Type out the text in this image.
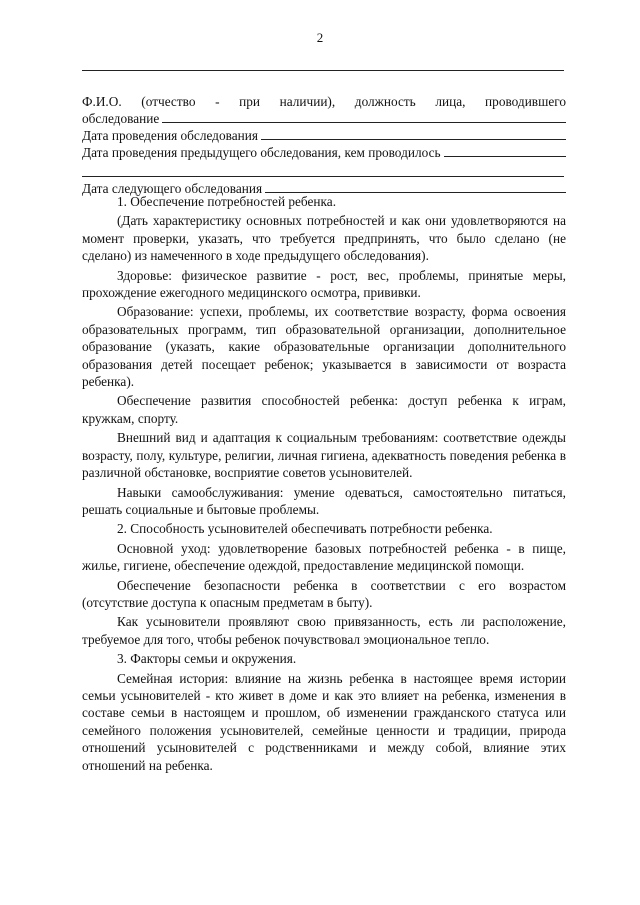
2
Ф.И.О. (отчество - при наличии), должность лица, проводившего
обследование
Дата проведения обследования
Дата проведения предыдущего обследования, кем проводилось
Дата следующего обследования
1. Обеспечение потребностей ребенка.

(Дать характеристику основных потребностей и как они удовлетворяются на момент проверки, указать, что требуется предпринять, что было сделано (не сделано) из намеченного в ходе предыдущего обследования).

Здоровье: физическое развитие - рост, вес, проблемы, принятые меры, прохождение ежегодного медицинского осмотра, прививки.

Образование: успехи, проблемы, их соответствие возрасту, форма освоения образовательных программ, тип образовательной организации, дополнительное образование (указать, какие образовательные организации дополнительного образования детей посещает ребенок; указывается в зависимости от возраста ребенка).

Обеспечение развития способностей ребенка: доступ ребенка к играм, кружкам, спорту.

Внешний вид и адаптация к социальным требованиям: соответствие одежды возрасту, полу, культуре, религии, личная гигиена, адекватность поведения ребенка в различной обстановке, восприятие советов усыновителей.

Навыки самообслуживания: умение одеваться, самостоятельно питаться, решать социальные и бытовые проблемы.

2. Способность усыновителей обеспечивать потребности ребенка.

Основной уход: удовлетворение базовых потребностей ребенка - в пище, жилье, гигиене, обеспечение одеждой, предоставление медицинской помощи.

Обеспечение безопасности ребенка в соответствии с его возрастом (отсутствие доступа к опасным предметам в быту).

Как усыновители проявляют свою привязанность, есть ли расположение, требуемое для того, чтобы ребенок почувствовал эмоциональное тепло.

3. Факторы семьи и окружения.

Семейная история: влияние на жизнь ребенка в настоящее время истории семьи усыновителей - кто живет в доме и как это влияет на ребенка, изменения в составе семьи в настоящем и прошлом, об изменении гражданского статуса или семейного положения усыновителей, семейные ценности и традиции, природа отношений усыновителей с родственниками и между собой, влияние этих отношений на ребенка.
